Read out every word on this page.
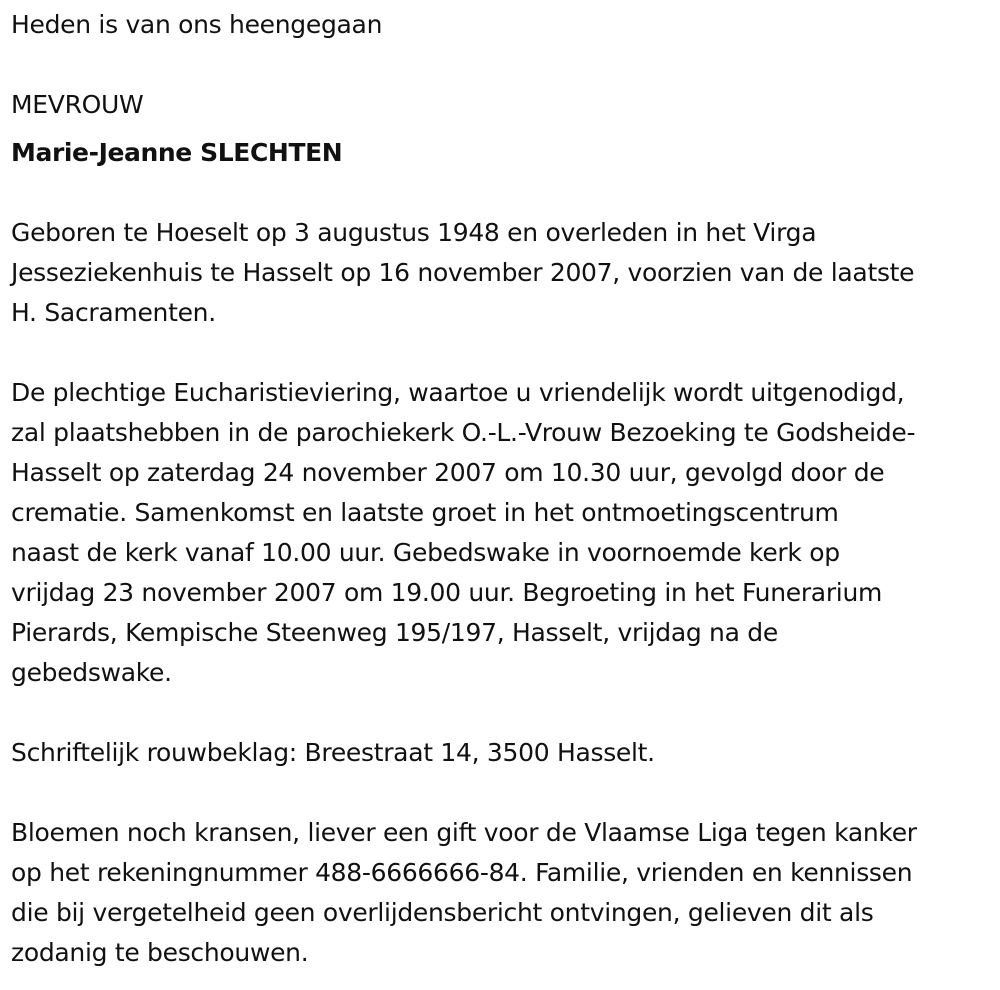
Heden is van ons heengegaan
MEVROUW
Marie-Jeanne SLECHTEN
Geboren te Hoeselt op 3 augustus 1948 en overleden in het Virga
Jesseziekenhuis te Hasselt op 16 november 2007, voorzien van de laatste
H. Sacramenten.
De plechtige Eucharistieviering, waartoe u vriendelijk wordt uitgenodigd,
zal plaatshebben in de parochiekerk O.-L.-Vrouw Bezoeking te Godsheide-
Hasselt op zaterdag 24 november 2007 om 10.30 uur, gevolgd door de
crematie. Samenkomst en laatste groet in het ontmoetingscentrum
naast de kerk vanaf 10.00 uur. Gebedswake in voornoemde kerk op
vrijdag 23 november 2007 om 19.00 uur. Begroeting in het Funerarium
Pierards, Kempische Steenweg 195/197, Hasselt, vrijdag na de
gebedswake.
Schriftelijk rouwbeklag: Breestraat 14, 3500 Hasselt.
Bloemen noch kransen, liever een gift voor de Vlaamse Liga tegen kanker
op het rekeningnummer 488-6666666-84. Familie, vrienden en kennissen
die bij vergetelheid geen overlijdensbericht ontvingen, gelieven dit als
zodanig te beschouwen.
